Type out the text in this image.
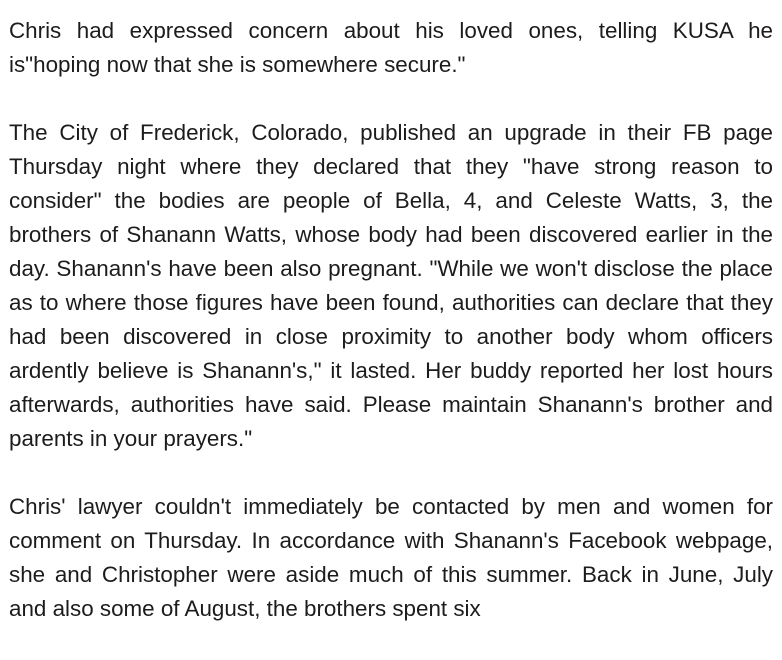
Chris had expressed concern about his loved ones, telling KUSA he is"hoping now that she is somewhere secure."

The City of Frederick, Colorado, published an upgrade in their FB page Thursday night where they declared that they "have strong reason to consider" the bodies are people of Bella, 4, and Celeste Watts, 3, the brothers of Shanann Watts, whose body had been discovered earlier in the day. Shanann's have been also pregnant. "While we won't disclose the place as to where those figures have been found, authorities can declare that they had been discovered in close proximity to another body whom officers ardently believe is Shanann's," it lasted. Her buddy reported her lost hours afterwards, authorities have said. Please maintain Shanann's brother and parents in your prayers."

Chris' lawyer couldn't immediately be contacted by men and women for comment on Thursday. In accordance with Shanann's Facebook webpage, she and Christopher were aside much of this summer. Back in June, July and also some of August, the brothers spent six
